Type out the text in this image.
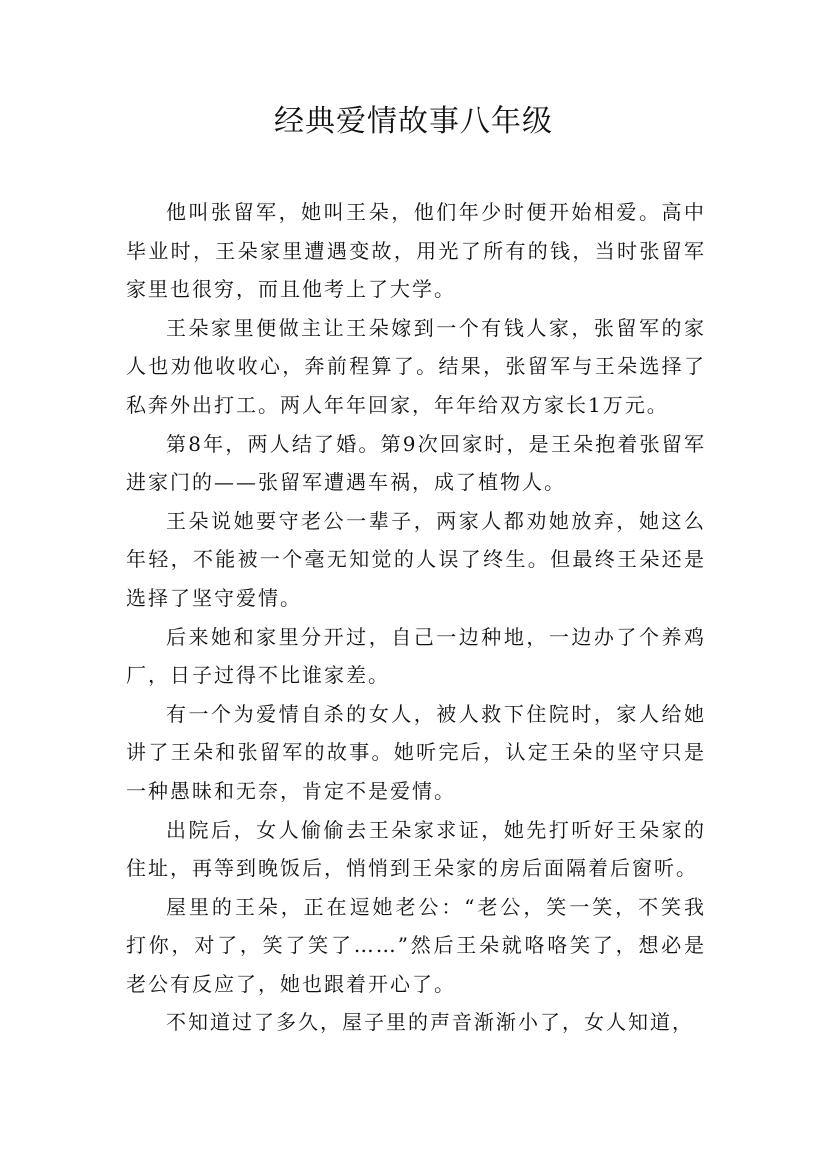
经典爱情故事八年级

他叫张留军，她叫王朵，他们年少时便开始相爱。高中毕业时，王朵家里遭遇变故，用光了所有的钱，当时张留军家里也很穷，而且他考上了大学。

王朵家里便做主让王朵嫁到一个有钱人家，张留军的家人也劝他收收心，奔前程算了。结果，张留军与王朵选择了私奔外出打工。两人年年回家，年年给双方家长1万元。

第8年，两人结了婚。第9次回家时，是王朵抱着张留军进家门的——张留军遭遇车祸，成了植物人。

王朵说她要守老公一辈子，两家人都劝她放弃，她这么年轻，不能被一个毫无知觉的人误了终生。但最终王朵还是选择了坚守爱情。

后来她和家里分开过，自己一边种地，一边办了个养鸡厂，日子过得不比谁家差。

有一个为爱情自杀的女人，被人救下住院时，家人给她讲了王朵和张留军的故事。她听完后，认定王朵的坚守只是一种愚昧和无奈，肯定不是爱情。

出院后，女人偷偷去王朵家求证，她先打听好王朵家的住址，再等到晚饭后，悄悄到王朵家的房后面隔着后窗听。

屋里的王朵，正在逗她老公：“老公，笑一笑，不笑我打你，对了，笑了笑了……”然后王朵就咯咯笑了，想必是老公有反应了，她也跟着开心了。

不知道过了多久，屋子里的声音渐渐小了，女人知道，
